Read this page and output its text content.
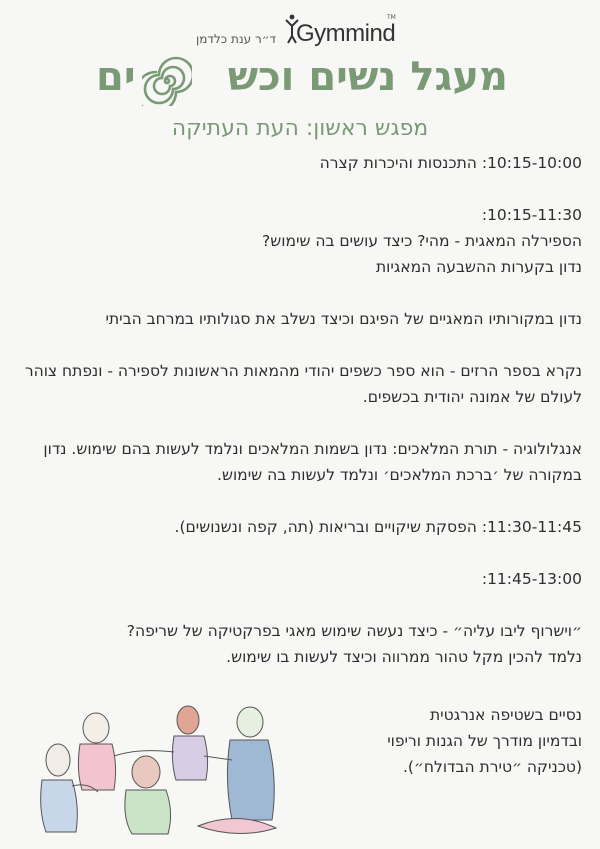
Gymmind
TM
ד״ר ענת כלדמן
מעגל נשים וכש
ים
מפגש ראשון: העת העתיקה

10:15-10:00: התכנסות והיכרות קצרה

10:15-11:30:

הספירלה המאגית - מהי? כיצד עושים בה שימוש?

נדון בקערות ההשבעה המאגיות

נדון במקורותיו המאגיים של הפיגם וכיצד נשלב את סגולותיו במרחב הביתי

נקרא בספר הרזים - הוא ספר כשפים יהודי מהמאות הראשונות לספירה - ונפתח צוהר לעולם של אמונה יהודית בכשפים.

אנגלולוגיה - תורת המלאכים: נדון בשמות המלאכים ונלמד לעשות בהם שימוש. נדון במקורה של ׳ברכת המלאכים׳ ונלמד לעשות בה שימוש.

11:30-11:45: הפסקת שיקויים ובריאות (תה, קפה ונשנושים).

11:45-13:00:

״וישרוף ליבו עליה״ - כיצד נעשה שימוש מאגי בפרקטיקה של שריפה?

נלמד להכין מקל טהור ממרווה וכיצד לעשות בו שימוש.

נסיים בשטיפה אנרגטית

ובדמיון מודרך של הגנות וריפוי

(טכניקה ״טירת הבדולח״).
